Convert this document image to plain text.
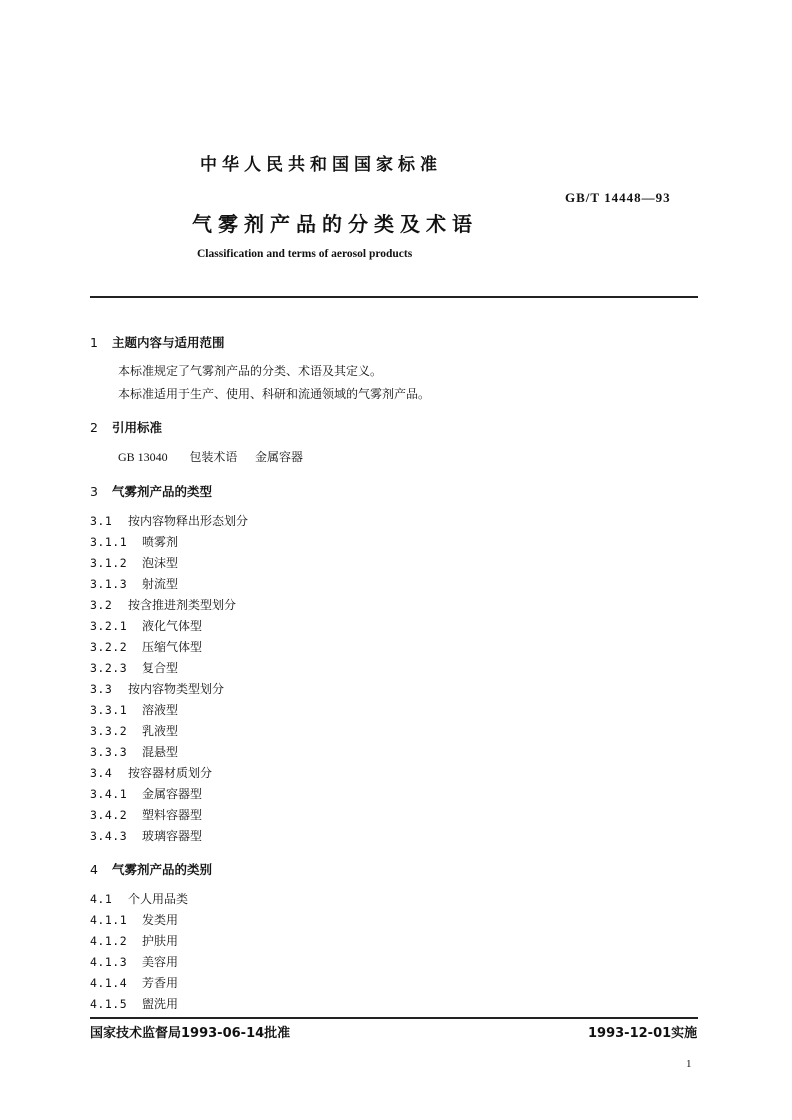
中华人民共和国国家标准
GB/T 14448—93
气雾剂产品的分类及术语
Classification and terms of aerosol products
1 主题内容与适用范围
本标准规定了气雾剂产品的分类、术语及其定义。
本标准适用于生产、使用、科研和流通领域的气雾剂产品。
2 引用标准
GB 13040 包装术语 金属容器
3 气雾剂产品的类型
3.1 按内容物释出形态划分
3.1.1 喷雾剂
3.1.2 泡沫型
3.1.3 射流型
3.2 按含推进剂类型划分
3.2.1 液化气体型
3.2.2 压缩气体型
3.2.3 复合型
3.3 按内容物类型划分
3.3.1 溶液型
3.3.2 乳液型
3.3.3 混悬型
3.4 按容器材质划分
3.4.1 金属容器型
3.4.2 塑料容器型
3.4.3 玻璃容器型
4 气雾剂产品的类别
4.1 个人用品类
4.1.1 发类用
4.1.2 护肤用
4.1.3 美容用
4.1.4 芳香用
4.1.5 盥洗用
国家技术监督局1993-06-14批准	1993-12-01实施
1
